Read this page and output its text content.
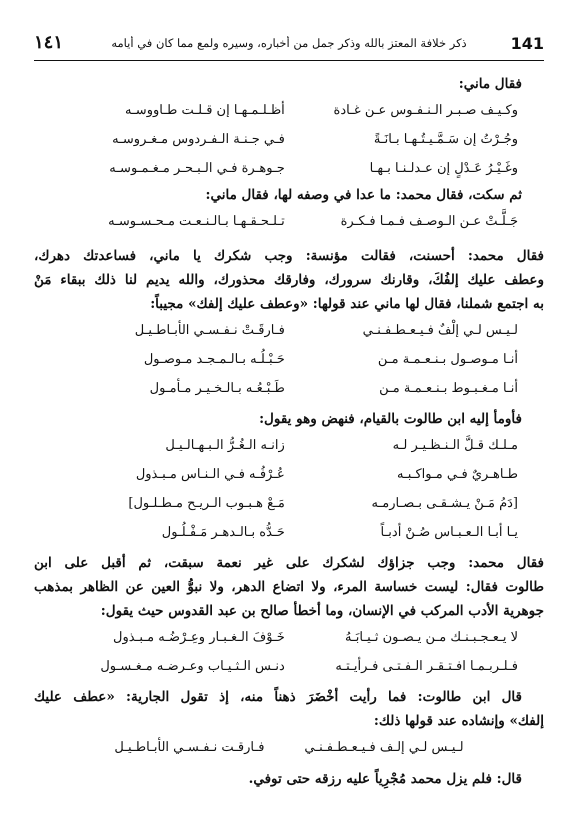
141
ذكر خلافة المعتز بالله وذكر جمل من أخباره، وسيره ولمع مما كان في أيامه
١٤١
فقال ماني:
وكـيـف صـبـر الـنـفـوس عـن غـادة
أظـلـمـهـا إن قـلـت طـاووسـه
وجُـرْتُ إن سَـمَّـيـتُـهـا بـانَـةً
فـي جـنـة الـفـردوس مـغـروسـه
وغَـيْـرُ عَـدْلٍ إن عـدلـنـا بـهـا
جـوهـرة فـي الـبـحـر مـغـمـوسـه
ثم سكت، فقال محمد: ما عدا في وصفه لها، فقال ماني:
جَـلَّـتْ عـن الـوصـف فـمـا فـكـرة
تـلـحـقـهـا بـالـنـعـت مـحـسـوسـه
فقال محمد: أحسنت، فقالت مؤنسة: وجب شكرك يا ماني، فساعدتك دهرك،
وعطف عليك إلفُكَ، وقارنك سرورك، وفارقك محذورك، والله يديم لنا ذلك ببقاء مَنْ
به اجتمع شملنا، فقال لها ماني عند قولها: «وعطف عليك إلفك» مجيباً:
لـيـس لـي إلْفٌ فـيـعـطـفـنـي
فـارقَـتْ نـفـسـي الأبـاطـيـل
أنـا مـوصـول بـنـعـمـة مـن
حَـبْـلُـه بـالـمـجـد مـوصـول
أنـا مـغـبـوط بـنـعـمـة مـن
طَـبْـعُـه بـالـخـيـر مـأمـول
فأومأ إليه ابن طالوت بالقيام، فنهض وهو يقول:
مـلـك قـلَّ الـنـظـيـر لـه
زانـه الـغُـرُّ الـبـهـالـيـل
طـاهـريٌ فـي مـواكـبـه
عُـرْفُـه فـي الـنـاس مـبـذول
[دَمُ مَـنْ يـشـقـى بـصـارمـه
مَـعْ هـبـوب الـريـح مـطـلـول]
يـا أبـا الـعـبـاس صُـنْ أدبـاً
حَـدُّه بـالـدهـر مَـفْـلُـول
فقال محمد: وجب جزاؤك لشكرك على غير نعمة سبقت، ثم أقبل على ابن
طالوت فقال: ليست خساسة المرء، ولا اتضاع الدهر، ولا نبوُّ العين عن الظاهر بمذهب
جوهرية الأدب المركب في الإنسان، وما أخطأ صالح بن عبد القدوس حيث يقول:
لا يـعـجـبـنـك مـن يـصـون ثـيـابَـهُ
خَـوْفَ الـغـبـار وعِـرْضُـه مـبـذول
فـلـربـمـا افـتـقـر الـفـتـى فـرأيـتـه
دنـس الـثـيـاب وعـرضـه مـغـسـول
قال ابن طالوت: فما رأيت أخْضَرَ ذهناً منه، إذ تقول الجارية: «عطف عليك
إلفك» وإنشاده عند قولها ذلك:
لـيـس لـي إلـف فـيـعـطـفـنـي
فـارقـت نـفـسـي الأبـاطـيـل
قال: فلم يزل محمد مُجْرِياً عليه رزقه حتى توفي.
